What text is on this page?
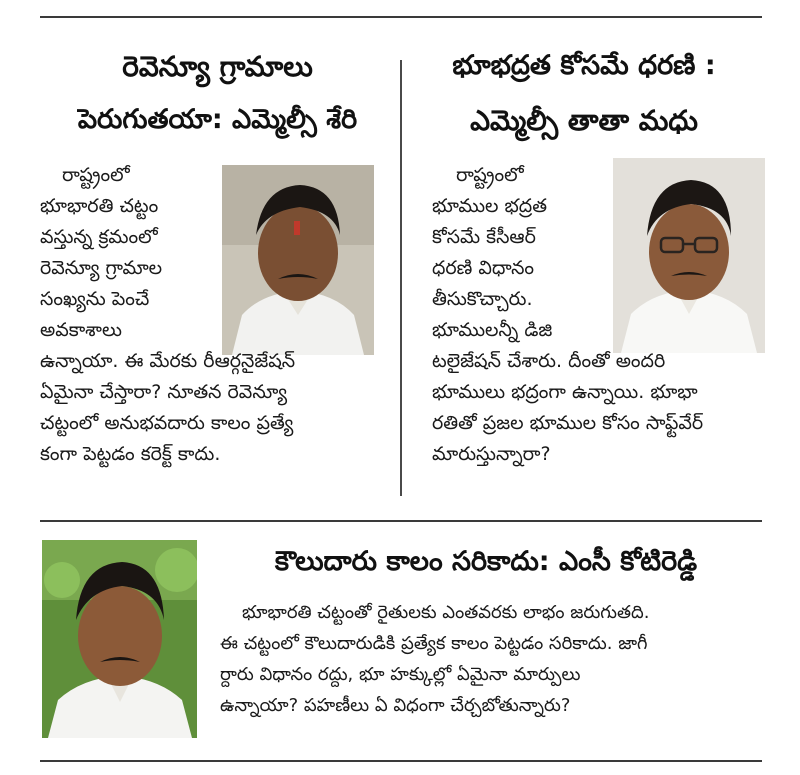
రెవెన్యూ గ్రామాలు
పెరుగుతయా: ఎమ్మెల్సీ శేరి
రాష్ట్రంలో
భూభారతి చట్టం
వస్తున్న క్రమంలో
రెవెన్యూ గ్రామాల
సంఖ్యను పెంచే
అవకాశాలు
ఉన్నాయా. ఈ మేరకు రీఆర్గనైజేషన్
ఏమైనా చేస్తారా? నూతన రెవెన్యూ
చట్టంలో అనుభవదారు కాలం ప్రత్యే
కంగా పెట్టడం కరెక్ట్ కాదు.
భూభద్రత కోసమే ధరణి :
ఎమ్మెల్సీ తాతా మధు
రాష్ట్రంలో
భూముల భద్రత
కోసమే కేసీఆర్
ధరణి విధానం
తీసుకొచ్చారు.
భూములన్నీ డిజి
టలైజేషన్ చేశారు. దీంతో అందరి
భూములు భద్రంగా ఉన్నాయి. భూభా
రతితో ప్రజల భూముల కోసం సాఫ్ట్‌వేర్
మారుస్తున్నారా?
కౌలుదారు కాలం సరికాదు: ఎంసీ కోటిరెడ్డి
భూభారతి చట్టంతో రైతులకు ఎంతవరకు లాభం జరుగుతది.
ఈ చట్టంలో కౌలుదారుడికి ప్రత్యేక కాలం పెట్టడం సరికాదు. జాగీ
ర్దారు విధానం రద్దు, భూ హక్కుల్లో ఏమైనా మార్పులు
ఉన్నాయా? పహణీలు ఏ విధంగా చేర్చబోతున్నారు?
